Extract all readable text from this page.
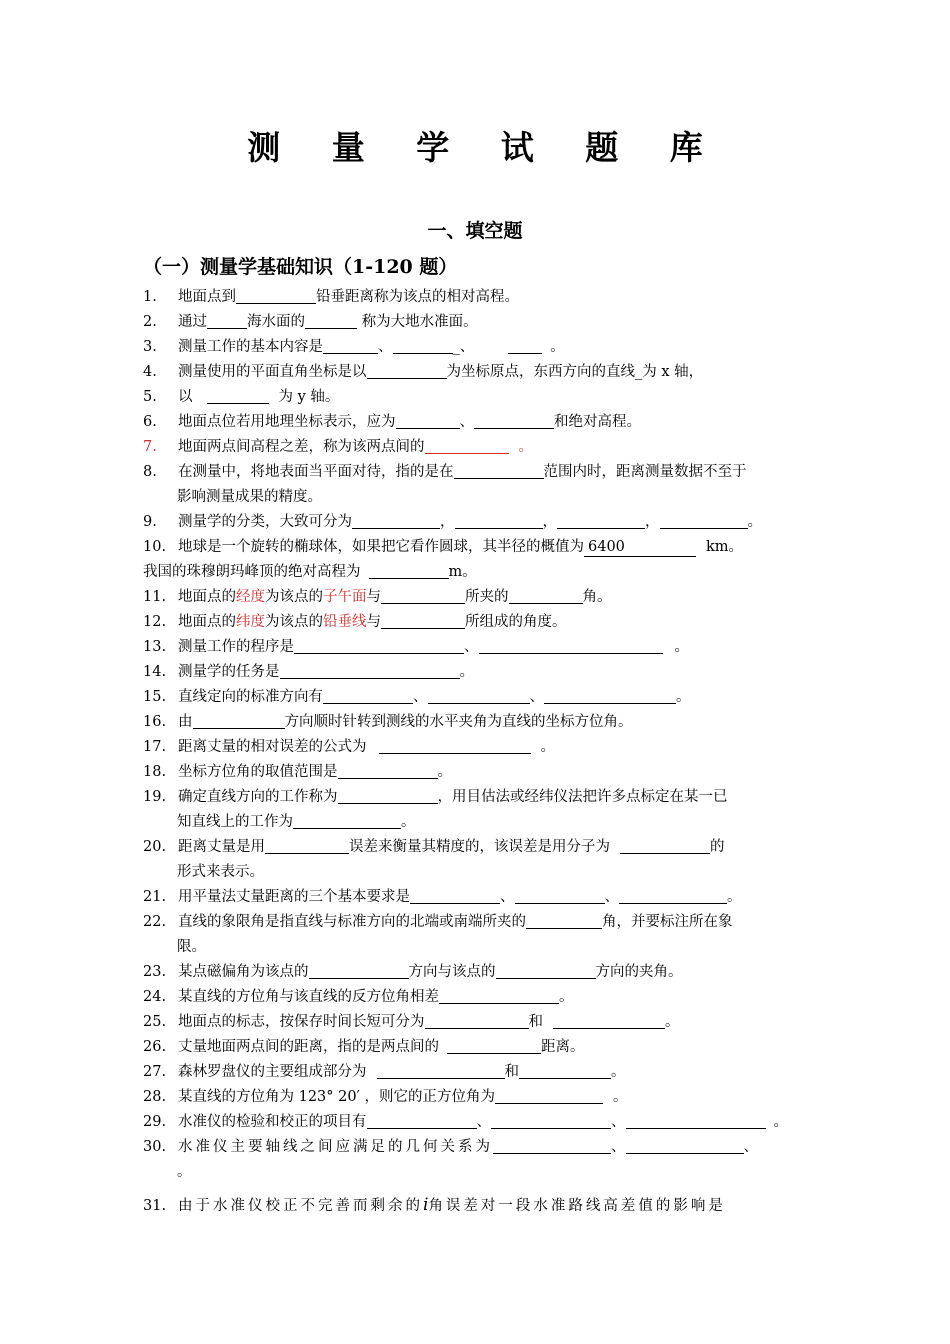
测 量 学 试 题 库
一、填空题
（一）测量学基础知识（1-120 题）
1. 地面点到	铅垂距离称为该点的相对高程。
2. 通过	海水面的	称为大地水准面。
3. 测量工作的基本内容是	、	_、	。
4. 测量使用的平面直角坐标是以	为坐标原点，东西方向的直线_为 x 轴，
5. 以	为 y 轴。
6. 地面点位若用地理坐标表示，应为	、	和绝对高程。
7. 地面两点间高程之差，称为该两点间的	。
8. 在测量中，将地表面当平面对待，指的是在	范围内时，距离测量数据不至于
影响测量成果的精度。
9. 测量学的分类，大致可分为	，	，	，	。
10. 地球是一个旋转的椭球体，如果把它看作圆球，其半径的概值为 6400	km。
我国的珠穆朗玛峰顶的绝对高程为	m。
11. 地面点的经度为该点的子午面与	所夹的	角。
12. 地面点的纬度为该点的铅垂线与	所组成的角度。
13. 测量工作的程序是	、	。
14. 测量学的任务是	。
15. 直线定向的标准方向有	、	、	。
16. 由	方向顺时针转到测线的水平夹角为直线的坐标方位角。
17. 距离丈量的相对误差的公式为	。
18. 坐标方位角的取值范围是	。
19. 确定直线方向的工作称为	，用目估法或经纬仪法把许多点标定在某一已
知直线上的工作为	。
20. 距离丈量是用	误差来衡量其精度的，该误差是用分子为	的
形式来表示。
21. 用平量法丈量距离的三个基本要求是	、	、	。
22. 直线的象限角是指直线与标准方向的北端或南端所夹的	角，并要标注所在象
限。
23. 某点磁偏角为该点的	方向与该点的	方向的夹角。
24. 某直线的方位角与该直线的反方位角相差	。
25. 地面点的标志，按保存时间长短可分为	和	。
26. 丈量地面两点间的距离，指的是两点间的	距离。
27. 森林罗盘仪的主要组成部分为	和	。
28. 某直线的方位角为 123° 20′ ，则它的正方位角为	。
29. 水准仪的检验和校正的项目有	、	、	。
30. 水准仪主要轴线之间应满足的几何关系为	、	、
。
31. 由于水准仪校正不完善而剩余的i角误差对一段水准路线高差值的影响是
